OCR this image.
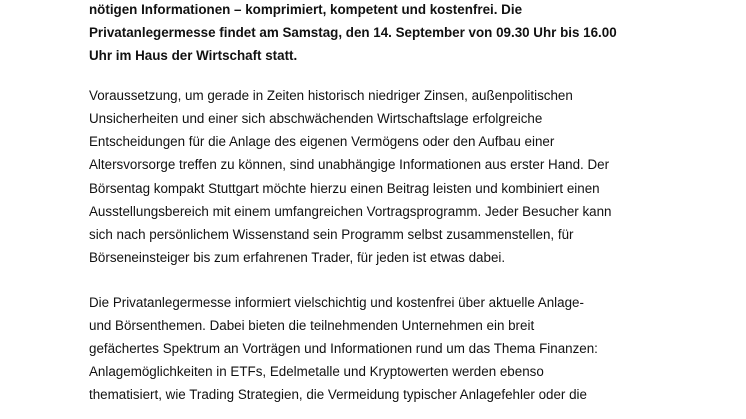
nötigen Informationen – komprimiert, kompetent und kostenfrei. Die
Privatanlegermesse findet am Samstag, den 14. September von 09.30 Uhr bis 16.00
Uhr im Haus der Wirtschaft statt.
Voraussetzung, um gerade in Zeiten historisch niedriger Zinsen, außenpolitischen
Unsicherheiten und einer sich abschwächenden Wirtschaftslage erfolgreiche
Entscheidungen für die Anlage des eigenen Vermögens oder den Aufbau einer
Altersvorsorge treffen zu können, sind unabhängige Informationen aus erster Hand. Der
Börsentag kompakt Stuttgart möchte hierzu einen Beitrag leisten und kombiniert einen
Ausstellungsbereich mit einem umfangreichen Vortragsprogramm. Jeder Besucher kann
sich nach persönlichem Wissenstand sein Programm selbst zusammenstellen, für
Börseneinsteiger bis zum erfahrenen Trader, für jeden ist etwas dabei.
Die Privatanlegermesse informiert vielschichtig und kostenfrei über aktuelle Anlage-
und Börsenthemen. Dabei bieten die teilnehmenden Unternehmen ein breit
gefächertes Spektrum an Vorträgen und Informationen rund um das Thema Finanzen:
Anlagemöglichkeiten in ETFs, Edelmetalle und Kryptowerten werden ebenso
thematisiert, wie Trading Strategien, die Vermeidung typischer Anlagefehler oder die
